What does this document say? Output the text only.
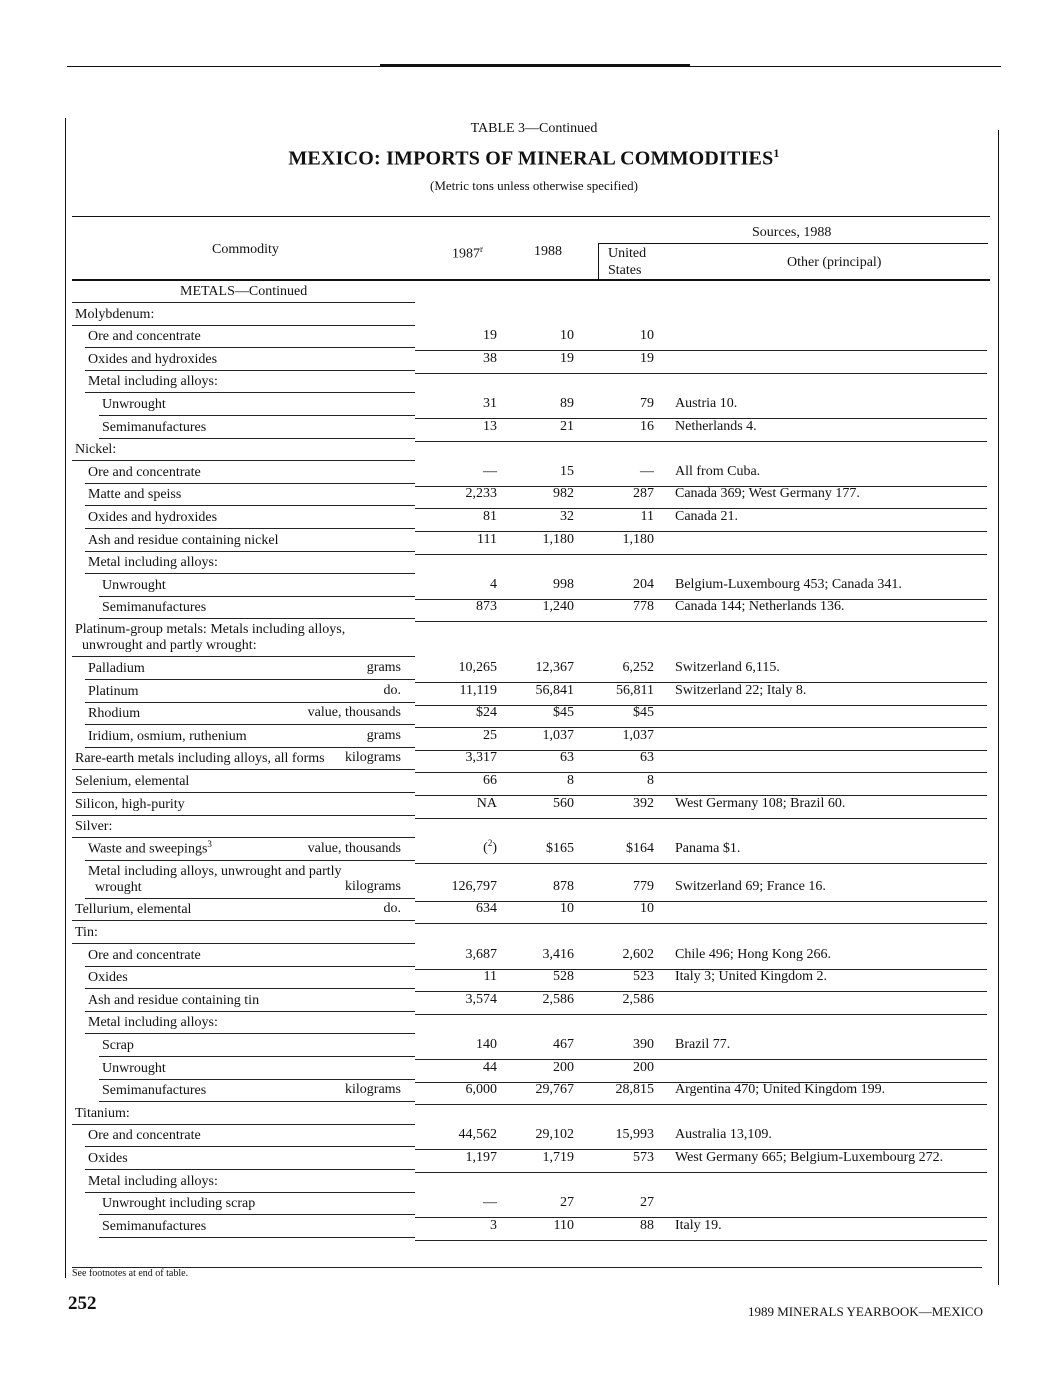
TABLE 3—Continued
MEXICO: IMPORTS OF MINERAL COMMODITIES$^1$
(Metric tons unless otherwise specified)
Commodity	1987$^r$	1988
Sources, 1988
United
States
Other (principal)
METALS—Continued
Molybdenum:
Ore and concentrate	19	10	10
Oxides and hydroxides	38	19	19
Metal including alloys:
Unwrought	31	89	79 Austria 10.
Semimanufactures	13	21	16 Netherlands 4.
Nickel:
Ore and concentrate	—	15	— All from Cuba.
Matte and speiss	2,233	982	287 Canada 369; West Germany 177.
Oxides and hydroxides	81	32	11 Canada 21.
Ash and residue containing nickel	111	1,180	1,180
Metal including alloys:
Unwrought	4	998	204 Belgium-Luxembourg 453; Canada 341.
Semimanufactures	873	1,240	778 Canada 144; Netherlands 136.
Platinum-group metals: Metals including alloys,
unwrought and partly wrought:
Palladium	grams	10,265	12,367	6,252 Switzerland 6,115.
Platinum	do.	11,119	56,841	56,811 Switzerland 22; Italy 8.
Rhodium	value, thousands	$24	$45	$45
Iridium, osmium, ruthenium	grams	25	1,037	1,037
Rare-earth metals including alloys, all forms kilograms	3,317	63	63
Selenium, elemental	66	8	8
Silicon, high-purity	NA	560	392 West Germany 108; Brazil 60.
Silver:
Waste and sweepings$^3$	value, thousands	($^2$)	$165	$164 Panama $1.
Metal including alloys, unwrought and partly
wrought	kilograms	126,797	878	779 Switzerland 69; France 16.
Tellurium, elemental	do.	634	10	10
Tin:
Ore and concentrate	3,687	3,416	2,602 Chile 496; Hong Kong 266.
Oxides	11	528	523 Italy 3; United Kingdom 2.
Ash and residue containing tin	3,574	2,586	2,586
Metal including alloys:
Scrap	140	467	390 Brazil 77.
Unwrought	44	200	200
Semimanufactures	kilograms	6,000	29,767	28,815 Argentina 470; United Kingdom 199.
Titanium:
Ore and concentrate	44,562	29,102	15,993 Australia 13,109.
Oxides	1,197	1,719	573 West Germany 665; Belgium-Luxembourg 272.
Metal including alloys:
Unwrought including scrap	—	27	27
Semimanufactures	3	110	88 Italy 19.
See footnotes at end of table.
252	1989 MINERALS YEARBOOK—MEXICO
